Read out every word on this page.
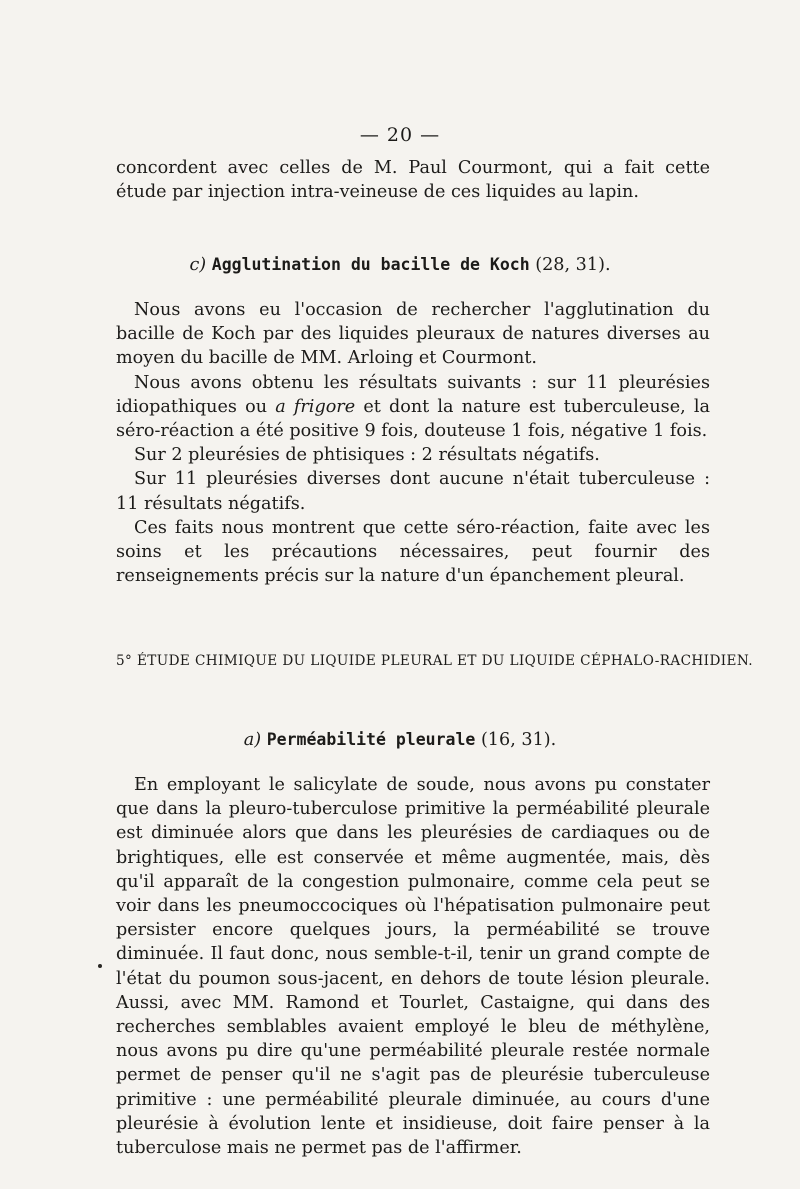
— 20 —

concordent avec celles de M. Paul Courmont, qui a fait cette étude par injection intra-veineuse de ces liquides au lapin.

c) Agglutination du bacille de Koch (28, 31).

Nous avons eu l'occasion de rechercher l'agglutination du bacille de Koch par des liquides pleuraux de natures diverses au moyen du bacille de MM. Arloing et Courmont.

Nous avons obtenu les résultats suivants : sur 11 pleurésies idiopathiques ou a frigore et dont la nature est tuberculeuse, la séro-réaction a été positive 9 fois, douteuse 1 fois, négative 1 fois.

Sur 2 pleurésies de phtisiques : 2 résultats négatifs.

Sur 11 pleurésies diverses dont aucune n'était tuberculeuse : 11 résultats négatifs.

Ces faits nous montrent que cette séro-réaction, faite avec les soins et les précautions nécessaires, peut fournir des renseignements précis sur la nature d'un épanchement pleural.

5° ÉTUDE CHIMIQUE DU LIQUIDE PLEURAL ET DU LIQUIDE CÉPHALO-RACHIDIEN.
a) Perméabilité pleurale (16, 31).

En employant le salicylate de soude, nous avons pu constater que dans la pleuro-tuberculose primitive la perméabilité pleurale est diminuée alors que dans les pleurésies de cardiaques ou de brightiques, elle est conservée et même augmentée, mais, dès qu'il apparaît de la congestion pulmonaire, comme cela peut se voir dans les pneumoccociques où l'hépatisation pulmonaire peut persister encore quelques jours, la perméabilité se trouve diminuée. Il faut donc, nous semble-t-il, tenir un grand compte de l'état du poumon sous-jacent, en dehors de toute lésion pleurale. Aussi, avec MM. Ramond et Tourlet, Castaigne, qui dans des recherches semblables avaient employé le bleu de méthylène, nous avons pu dire qu'une perméabilité pleurale restée normale permet de penser qu'il ne s'agit pas de pleurésie tuberculeuse primitive : une perméabilité pleurale diminuée, au cours d'une pleurésie à évolution lente et insidieuse, doit faire penser à la tuberculose mais ne permet pas de l'affirmer.
